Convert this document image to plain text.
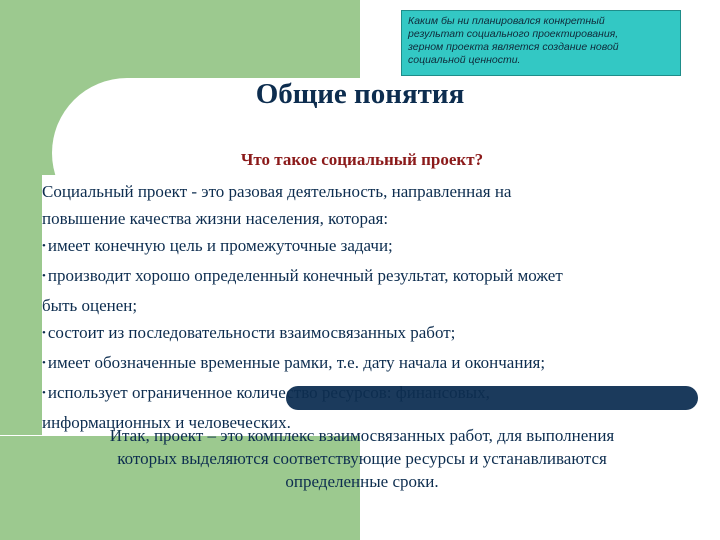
Каким бы ни планировался конкретный

результат социального проектирования,

зерном проекта является создание новой

социальной ценности.

Общие понятия
Что такое социальный проект?

Социальный проект - это разовая деятельность, направленная на

повышение качества жизни населения, которая:

• имеет конечную цель и промежуточные задачи;

• производит хорошо определенный конечный результат, который может

быть оценен;

• состоит из последовательности взаимосвязанных работ;

• имеет обозначенные временные рамки, т.е. дату начала и окончания;

• использует ограниченное количество ресурсов: финансовых,

информационных и человеческих.

Итак, проект – это комплекс взаимосвязанных работ, для выполнения
которых выделяются соответствующие ресурсы и устанавливаются
определенные сроки.
